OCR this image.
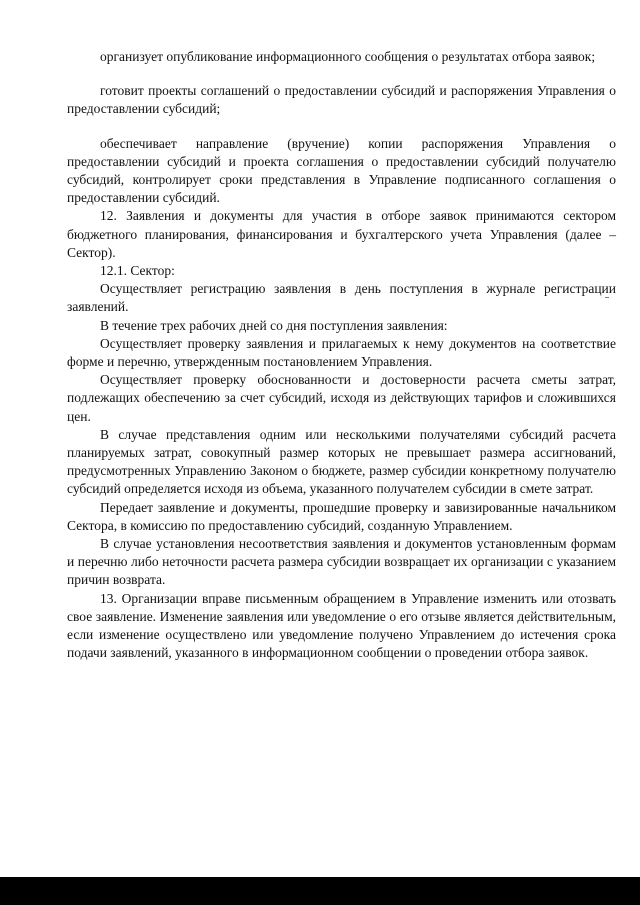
организует опубликование информационного сообщения о результатах отбора заявок;

готовит проекты соглашений о предоставлении субсидий и распоряжения Управления о предоставлении субсидий;

обеспечивает направление (вручение) копии распоряжения Управления о предоставлении субсидий и проекта соглашения о предоставлении субсидий получателю субсидий, контролирует сроки представления в Управление подписанного соглашения о предоставлении субсидий.

12. Заявления и документы для участия в отборе заявок принимаются сектором бюджетного планирования, финансирования и бухгалтерского учета Управления (далее – Сектор).

12.1. Сектор:

Осуществляет регистрацию заявления в день поступления в журнале регистрации заявлений.

В течение трех рабочих дней со дня поступления заявления:

Осуществляет проверку заявления и прилагаемых к нему документов на соответствие форме и перечню, утвержденным постановлением Управления.

Осуществляет проверку обоснованности и достоверности расчета сметы затрат, подлежащих обеспечению за счет субсидий, исходя из действующих тарифов и сложившихся цен.

В случае представления одним или несколькими получателями субсидий расчета планируемых затрат, совокупный размер которых не превышает размера ассигнований, предусмотренных Управлению Законом о бюджете, размер субсидии конкретному получателю субсидий определяется исходя из объема, указанного получателем субсидии в смете затрат.

Передает заявление и документы, прошедшие проверку и завизированные начальником Сектора, в комиссию по предоставлению субсидий, созданную Управлением.

В случае установления несоответствия заявления и документов установленным формам и перечню либо неточности расчета размера субсидии возвращает их организации с указанием причин возврата.

13. Организации вправе письменным обращением в Управление изменить или отозвать свое заявление. Изменение заявления или уведомление о его отзыве является действительным, если изменение осуществлено или уведомление получено Управлением до истечения срока подачи заявлений, указанного в информационном сообщении о проведении отбора заявок.
